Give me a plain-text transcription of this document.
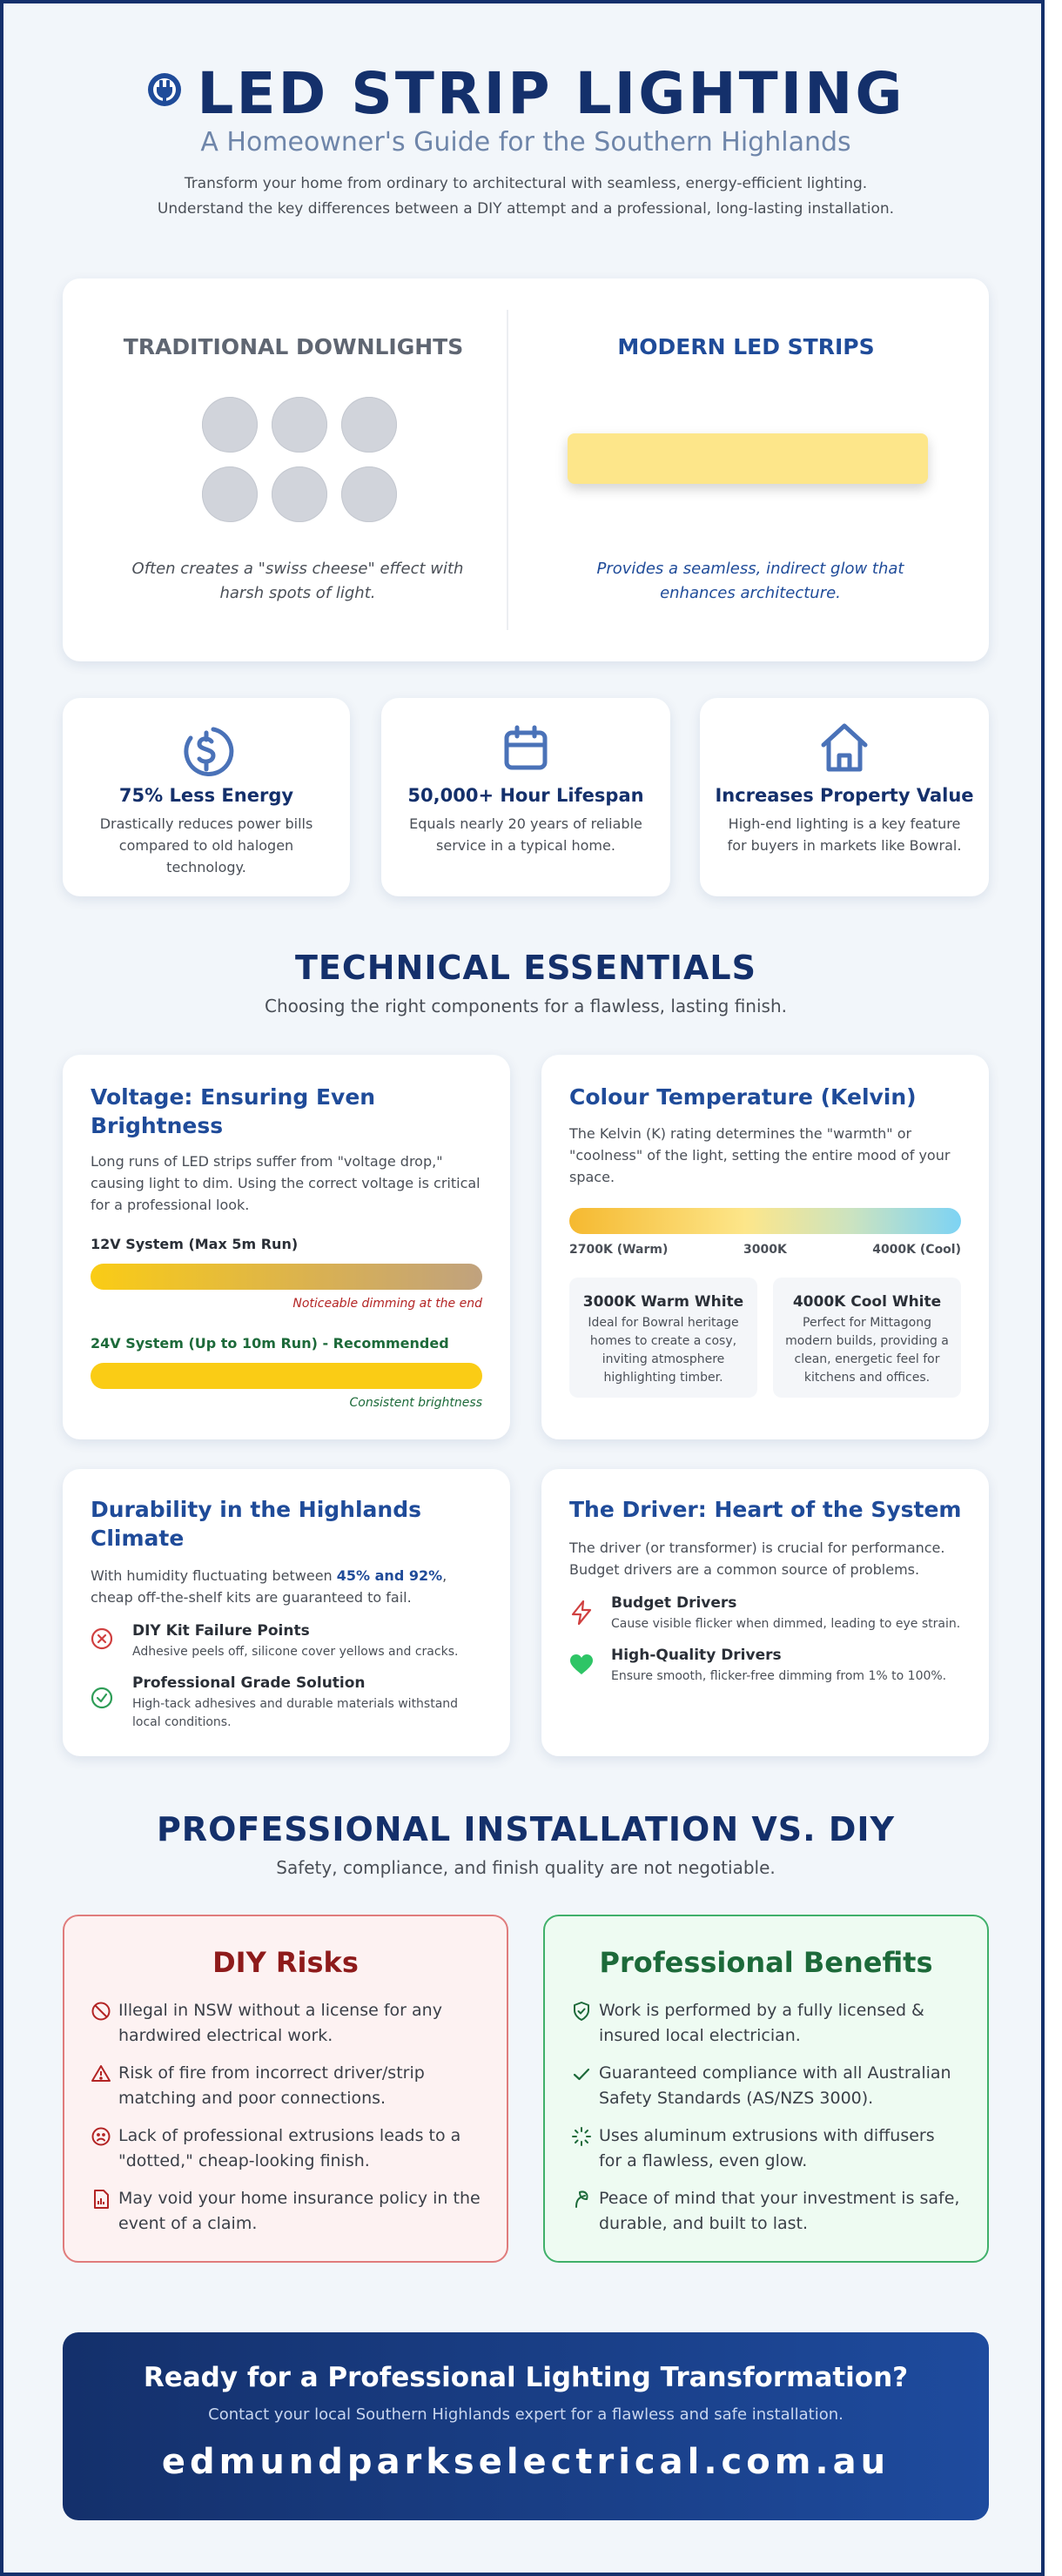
LED STRIP LIGHTING
A Homeowner's Guide for the Southern Highlands
Transform your home from ordinary to architectural with seamless, energy-efficient lighting.
Understand the key differences between a DIY attempt and a professional, long-lasting installation.
TRADITIONAL DOWNLIGHTS
Often creates a "swiss cheese" effect with harsh spots of light.
MODERN LED STRIPS
Provides a seamless, indirect glow that enhances architecture.
75% Less Energy
Drastically reduces power bills compared to old halogen technology.
50,000+ Hour Lifespan
Equals nearly 20 years of reliable service in a typical home.
Increases Property Value
High-end lighting is a key feature for buyers in markets like Bowral.
TECHNICAL ESSENTIALS
Choosing the right components for a flawless, lasting finish.
Voltage: Ensuring Even Brightness
Long runs of LED strips suffer from "voltage drop," causing light to dim. Using the correct voltage is critical for a professional look.
12V System (Max 5m Run)
Noticeable dimming at the end
24V System (Up to 10m Run) - Recommended
Consistent brightness
Colour Temperature (Kelvin)
The Kelvin (K) rating determines the "warmth" or "coolness" of the light, setting the entire mood of your space.
2700K (Warm)	3000K	4000K (Cool)
3000K Warm White
Ideal for Bowral heritage homes to create a cosy, inviting atmosphere highlighting timber.
4000K Cool White
Perfect for Mittagong modern builds, providing a clean, energetic feel for kitchens and offices.
Durability in the Highlands Climate
With humidity fluctuating between 45% and 92%, cheap off-the-shelf kits are guaranteed to fail.
DIY Kit Failure Points
Adhesive peels off, silicone cover yellows and cracks.
Professional Grade Solution
High-tack adhesives and durable materials withstand local conditions.
The Driver: Heart of the System
The driver (or transformer) is crucial for performance. Budget drivers are a common source of problems.
Budget Drivers
Cause visible flicker when dimmed, leading to eye strain.
High-Quality Drivers
Ensure smooth, flicker-free dimming from 1% to 100%.
PROFESSIONAL INSTALLATION VS. DIY
Safety, compliance, and finish quality are not negotiable.
DIY Risks
Illegal in NSW without a license for any hardwired electrical work.
Risk of fire from incorrect driver/strip matching and poor connections.
Lack of professional extrusions leads to a "dotted," cheap-looking finish.
May void your home insurance policy in the event of a claim.
Professional Benefits
Work is performed by a fully licensed & insured local electrician.
Guaranteed compliance with all Australian Safety Standards (AS/NZS 3000).
Uses aluminum extrusions with diffusers for a flawless, even glow.
Peace of mind that your investment is safe, durable, and built to last.
Ready for a Professional Lighting Transformation?
Contact your local Southern Highlands expert for a flawless and safe installation.
edmundparkselectrical.com.au
